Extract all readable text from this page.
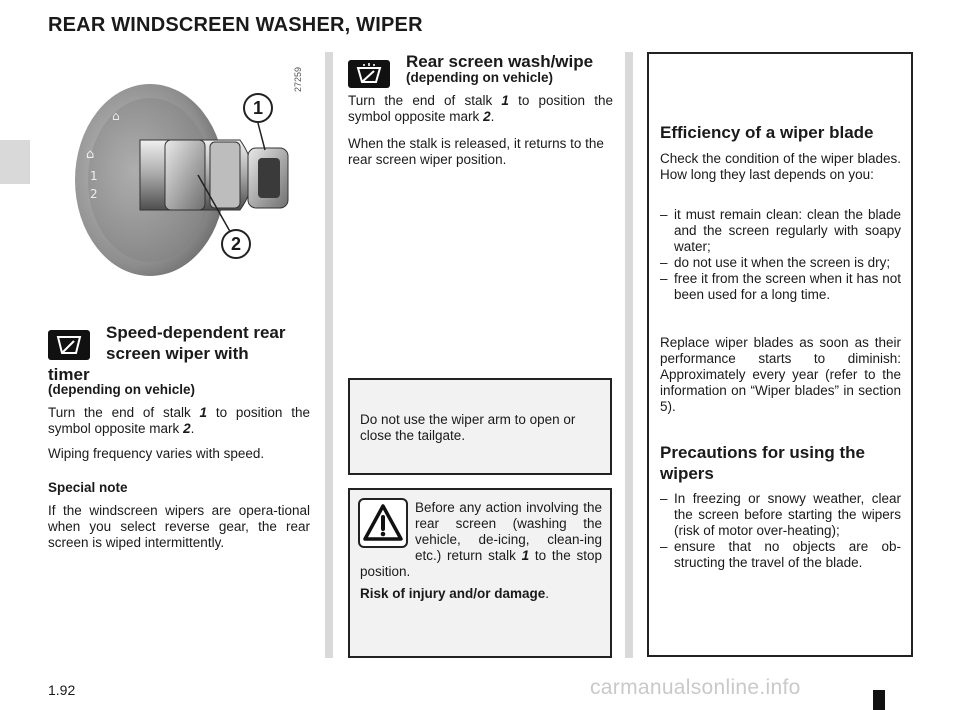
REAR WINDSCREEN WASHER, WIPER
27259
⌂
1
2
⌂	1
2
Speed-dependent rear
screen wiper with
timer
(depending on vehicle)
Turn the end of stalk 1 to position the symbol opposite mark 2.
Wiping frequency varies with speed.
Special note
If the windscreen wipers are opera-tional when you select reverse gear, the rear screen is wiped intermittently.
Rear screen wash/wipe
(depending on vehicle)
Turn the end of stalk 1 to position the symbol opposite mark 2.
When the stalk is released, it returns to the rear screen wiper position.
Do not use the wiper arm to open or close the tailgate.
Before any action involving the rear screen (washing the vehicle, de-icing, clean-ing etc.) return stalk 1 to the stop position.
Risk of injury and/or damage.
Efficiency of a wiper blade
Check the condition of the wiper blades. How long they last depends on you:
– it must remain clean: clean the blade and the screen regularly with soapy water;
– do not use it when the screen is dry;
– free it from the screen when it has not been used for a long time.
Replace wiper blades as soon as their performance starts to diminish: Approximately every year (refer to the information on “Wiper blades” in section 5).
Precautions for using the wipers
– In freezing or snowy weather, clear the screen before starting the wipers (risk of motor over-heating);
– ensure that no objects are ob-structing the travel of the blade.
1.92	carmanualsonline.info
